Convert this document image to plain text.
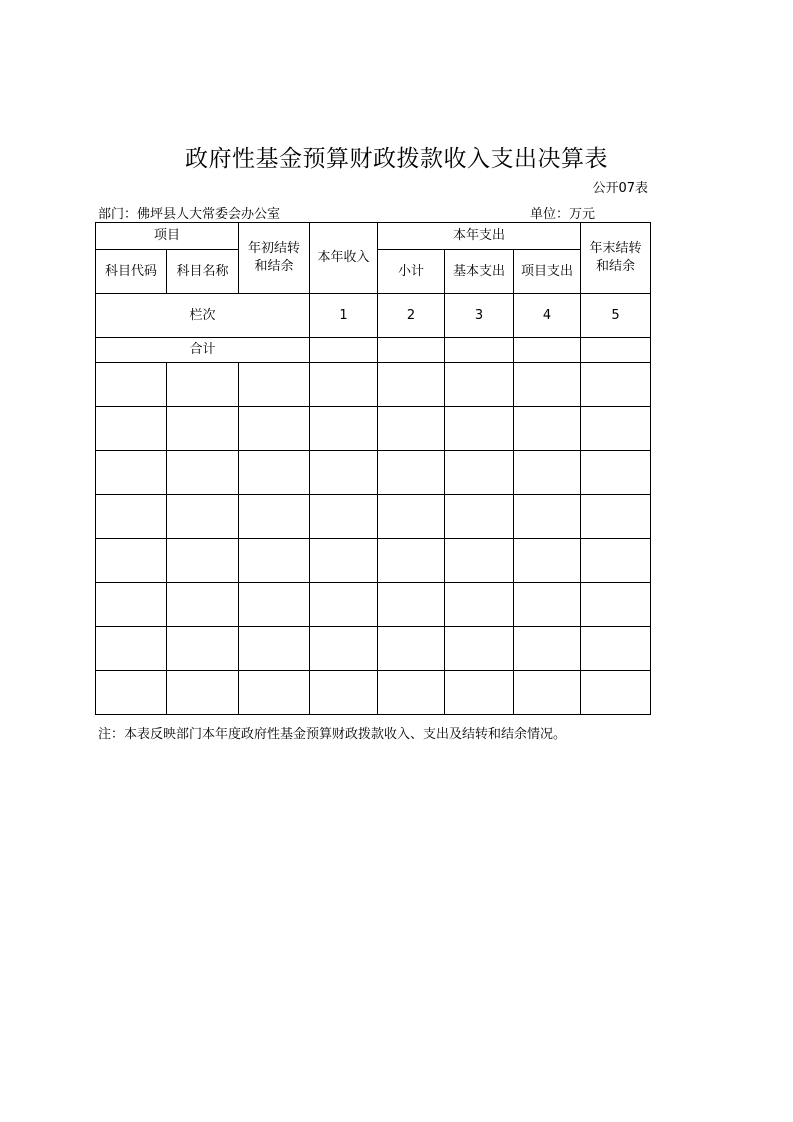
政府性基金预算财政拨款收入支出决算表
公开07表
部门：佛坪县人大常委会办公室	单位：万元
项目		年初结转和结余	本年收入	本年支出			年末结转和结余	

科目代码	科目名称			小计	基本支出	项目支出		
栏次			1	2	3	4	5	
合计								

注：本表反映部门本年度政府性基金预算财政拨款收入、支出及结转和结余情况。
